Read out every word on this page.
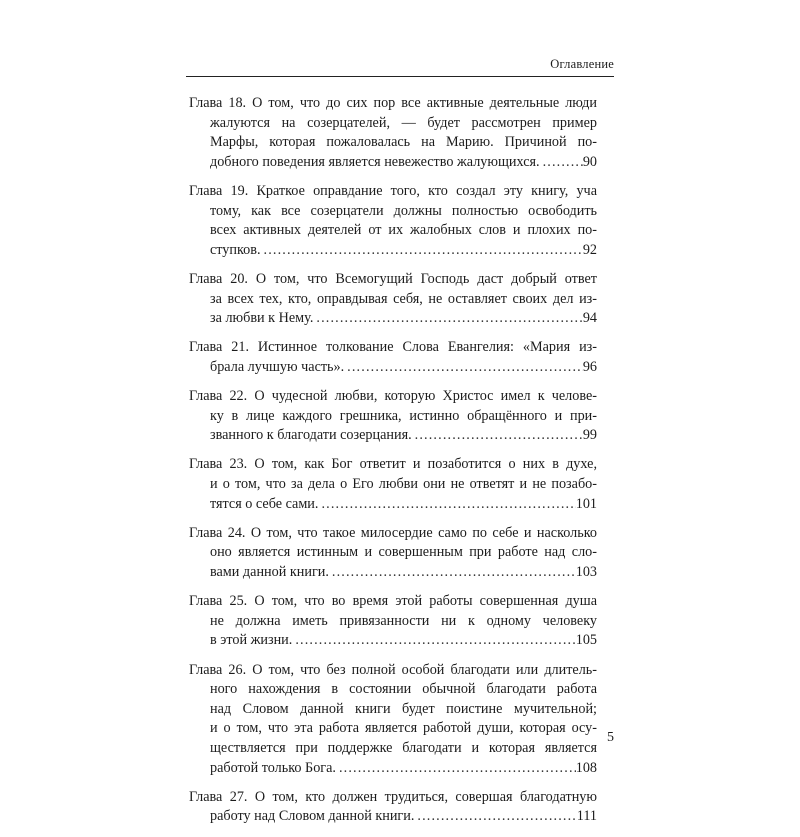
Оглавление
Глава 18. О том, что до сих пор все активные деятельные люди
жалуются на созерцателей, — будет рассмотрен пример
Марфы, которая пожаловалась на Марию. Причиной по-
добного поведения является невежество жалующихся. . . .	90
Глава 19. Краткое оправдание того, кто создал эту книгу, уча
тому, как все созерцатели должны полностью освободить
всех активных деятелей от их жалобных слов и плохих по-
ступков. . . .	92
Глава 20. О том, что Всемогущий Господь даст добрый ответ
за всех тех, кто, оправдывая себя, не оставляет своих дел из-
за любви к Нему. . . .	94
Глава 21. Истинное толкование Слова Евангелия: «Мария из-
брала лучшую часть». . . .	96
Глава 22. О чудесной любви, которую Христос имел к челове-
ку в лице каждого грешника, истинно обращённого и при-
званного к благодати созерцания. . . .	99
Глава 23. О том, как Бог ответит и позаботится о них в духе,
и о том, что за дела о Его любви они не ответят и не позабо-
тятся о себе сами. . . .	101
Глава 24. О том, что такое милосердие само по себе и насколько
оно является истинным и совершенным при работе над сло-
вами данной книги. . . .	103
Глава 25. О том, что во время этой работы совершенная душа
не должна иметь привязанности ни к одному человеку
в этой жизни. . . .	105
Глава 26. О том, что без полной особой благодати или длитель-
ного нахождения в состоянии обычной благодати работа
над Словом данной книги будет поистине мучительной;
и о том, что эта работа является работой души, которая осу-
ществляется при поддержке благодати и которая является
работой только Бога. . . .	108
Глава 27. О том, кто должен трудиться, совершая благодатную
работу над Словом данной книги. . . .	111
5
